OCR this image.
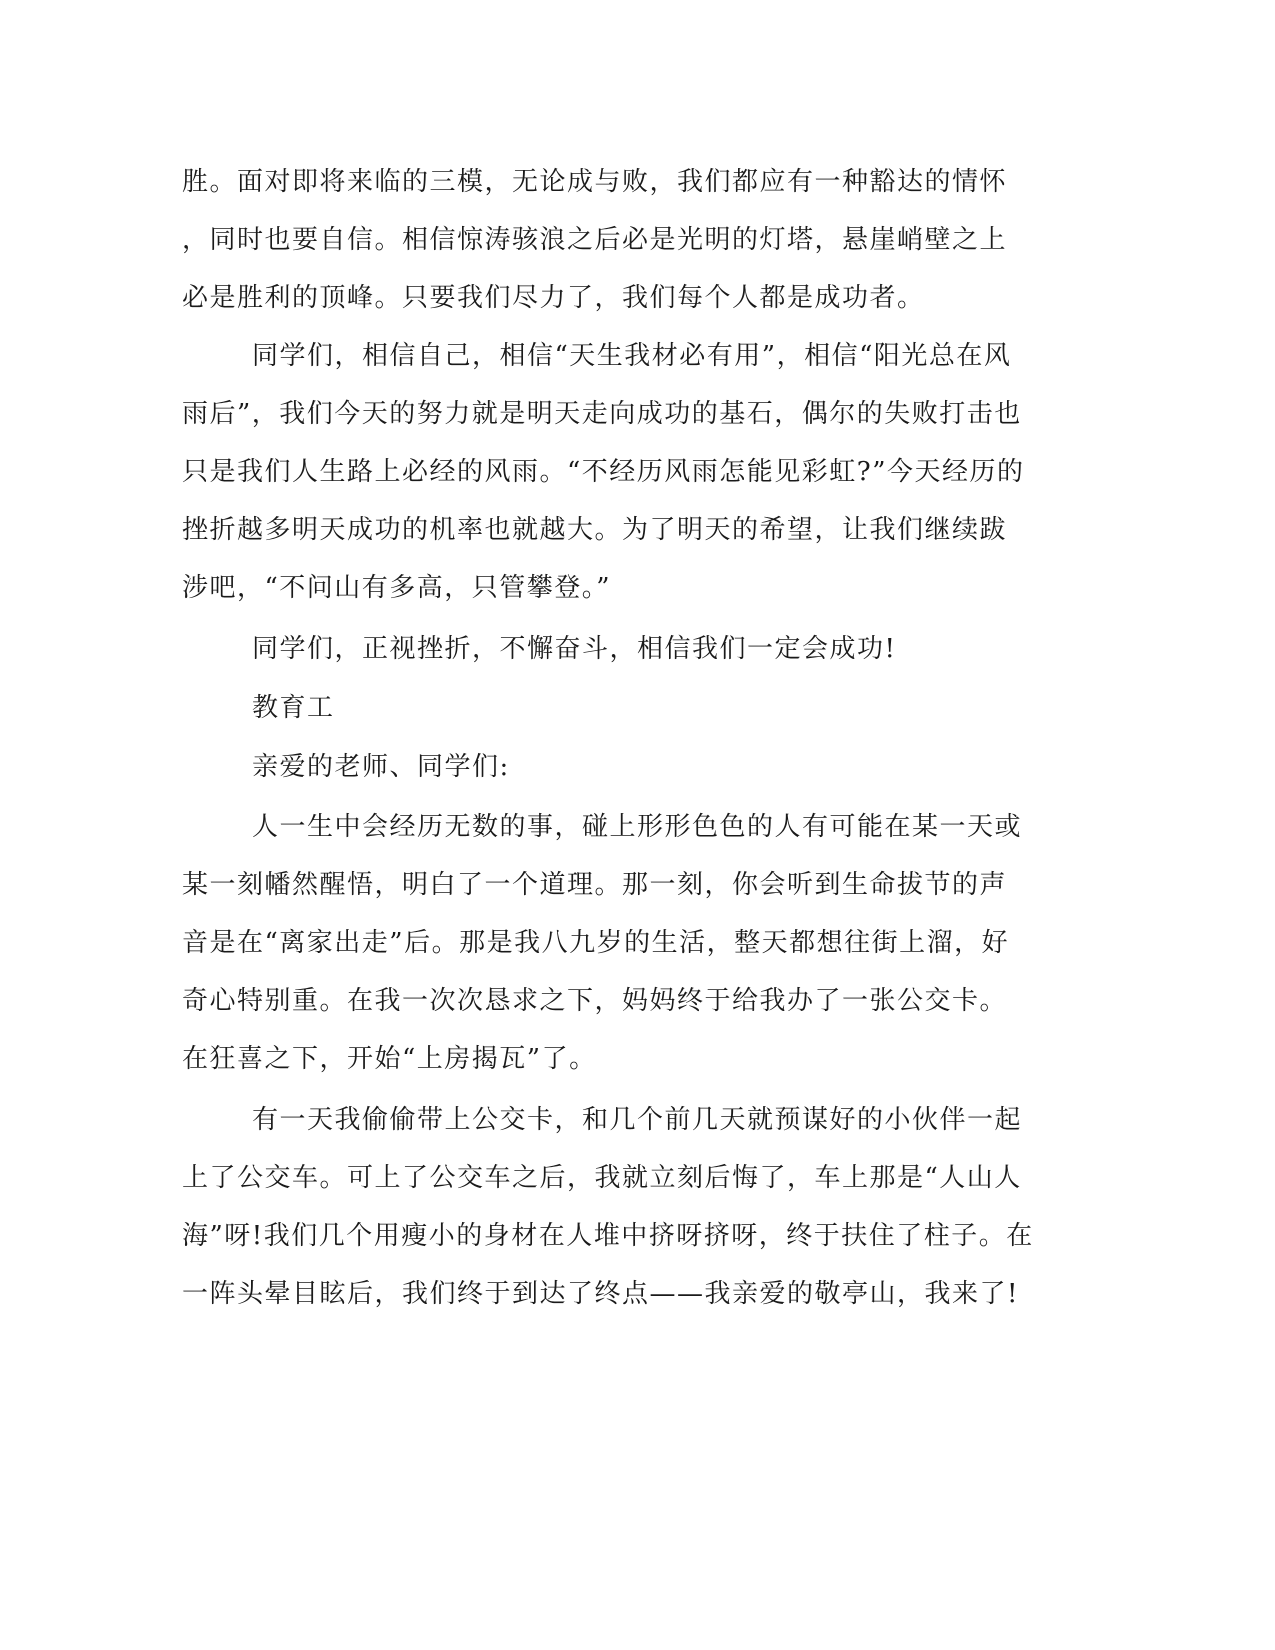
胜。面对即将来临的三模，无论成与败，我们都应有一种豁达的情怀
，同时也要自信。相信惊涛骇浪之后必是光明的灯塔，悬崖峭壁之上
必是胜利的顶峰。只要我们尽力了，我们每个人都是成功者。
同学们，相信自己，相信“天生我材必有用”，相信“阳光总在风
雨后”，我们今天的努力就是明天走向成功的基石，偶尔的失败打击也
只是我们人生路上必经的风雨。“不经历风雨怎能见彩虹?”今天经历的
挫折越多明天成功的机率也就越大。为了明天的希望，让我们继续跋
涉吧，“不问山有多高，只管攀登。”
同学们，正视挫折，不懈奋斗，相信我们一定会成功!
教育工
亲爱的老师、同学们:
人一生中会经历无数的事，碰上形形色色的人有可能在某一天或
某一刻幡然醒悟，明白了一个道理。那一刻，你会听到生命拔节的声
音是在“离家出走”后。那是我八九岁的生活，整天都想往街上溜，好
奇心特别重。在我一次次恳求之下，妈妈终于给我办了一张公交卡。
在狂喜之下，开始“上房揭瓦”了。
有一天我偷偷带上公交卡，和几个前几天就预谋好的小伙伴一起
上了公交车。可上了公交车之后，我就立刻后悔了，车上那是“人山人
海”呀!我们几个用瘦小的身材在人堆中挤呀挤呀，终于扶住了柱子。在
一阵头晕目眩后，我们终于到达了终点——我亲爱的敬亭山，我来了!
